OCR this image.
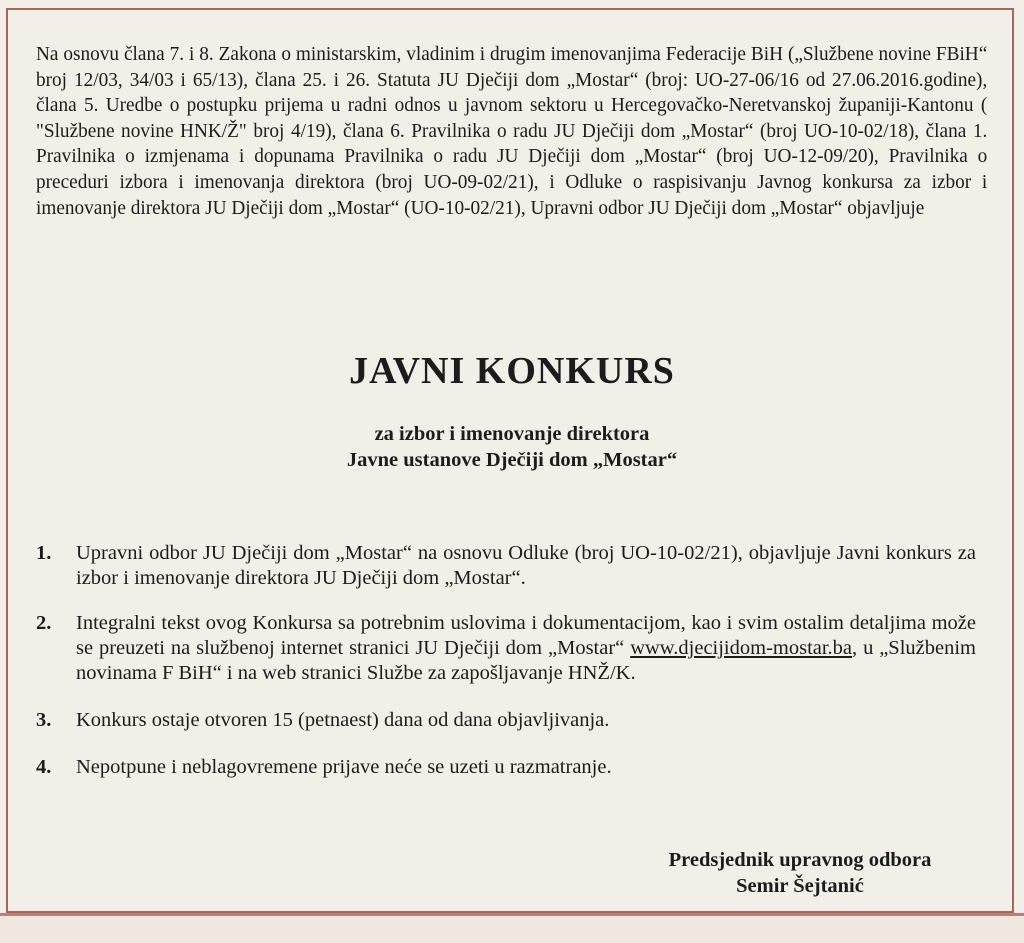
Na osnovu člana 7. i 8. Zakona o ministarskim, vladinim i drugim imenovanjima Federacije BiH („Službene novine FBiH“ broj 12/03, 34/03 i 65/13), člana 25. i 26. Statuta JU Dječiji dom „Mostar“ (broj: UO-27-06/16 od 27.06.2016.godine), člana 5. Uredbe o postupku prijema u radni odnos u javnom sektoru u Hercegovačko-Neretvanskoj županiji-Kantonu ( "Službene novine HNK/Ž" broj 4/19), člana 6. Pravilnika o radu JU Dječiji dom „Mostar“ (broj UO-10-02/18), člana 1. Pravilnika o izmjenama i dopunama Pravilnika o radu JU Dječiji dom „Mostar“ (broj UO-12-09/20), Pravilnika o preceduri izbora i imenovanja direktora (broj UO-09-02/21), i Odluke o raspisivanju Javnog konkursa za izbor i imenovanje direktora JU Dječiji dom „Mostar“ (UO-10-02/21), Upravni odbor JU Dječiji dom „Mostar“ objavljuje
JAVNI KONKURS
za izbor i imenovanje direktora
Javne ustanove Dječiji dom „Mostar“
1. Upravni odbor JU Dječiji dom „Mostar“ na osnovu Odluke (broj UO-10-02/21), objavljuje Javni konkurs za izbor i imenovanje direktora JU Dječiji dom „Mostar“.
2. Integralni tekst ovog Konkursa sa potrebnim uslovima i dokumentacijom, kao i svim ostalim detaljima može se preuzeti na službenoj internet stranici JU Dječiji dom „Mostar“ www.djecijidom-mostar.ba, u „Službenim novinama F BiH“ i na web stranici Službe za zapošljavanje HNŽ/K.
3. Konkurs ostaje otvoren 15 (petnaest) dana od dana objavljivanja.
4. Nepotpune i neblagovremene prijave neće se uzeti u razmatranje.
Predsjednik upravnog odbora
Semir Šejtanić
